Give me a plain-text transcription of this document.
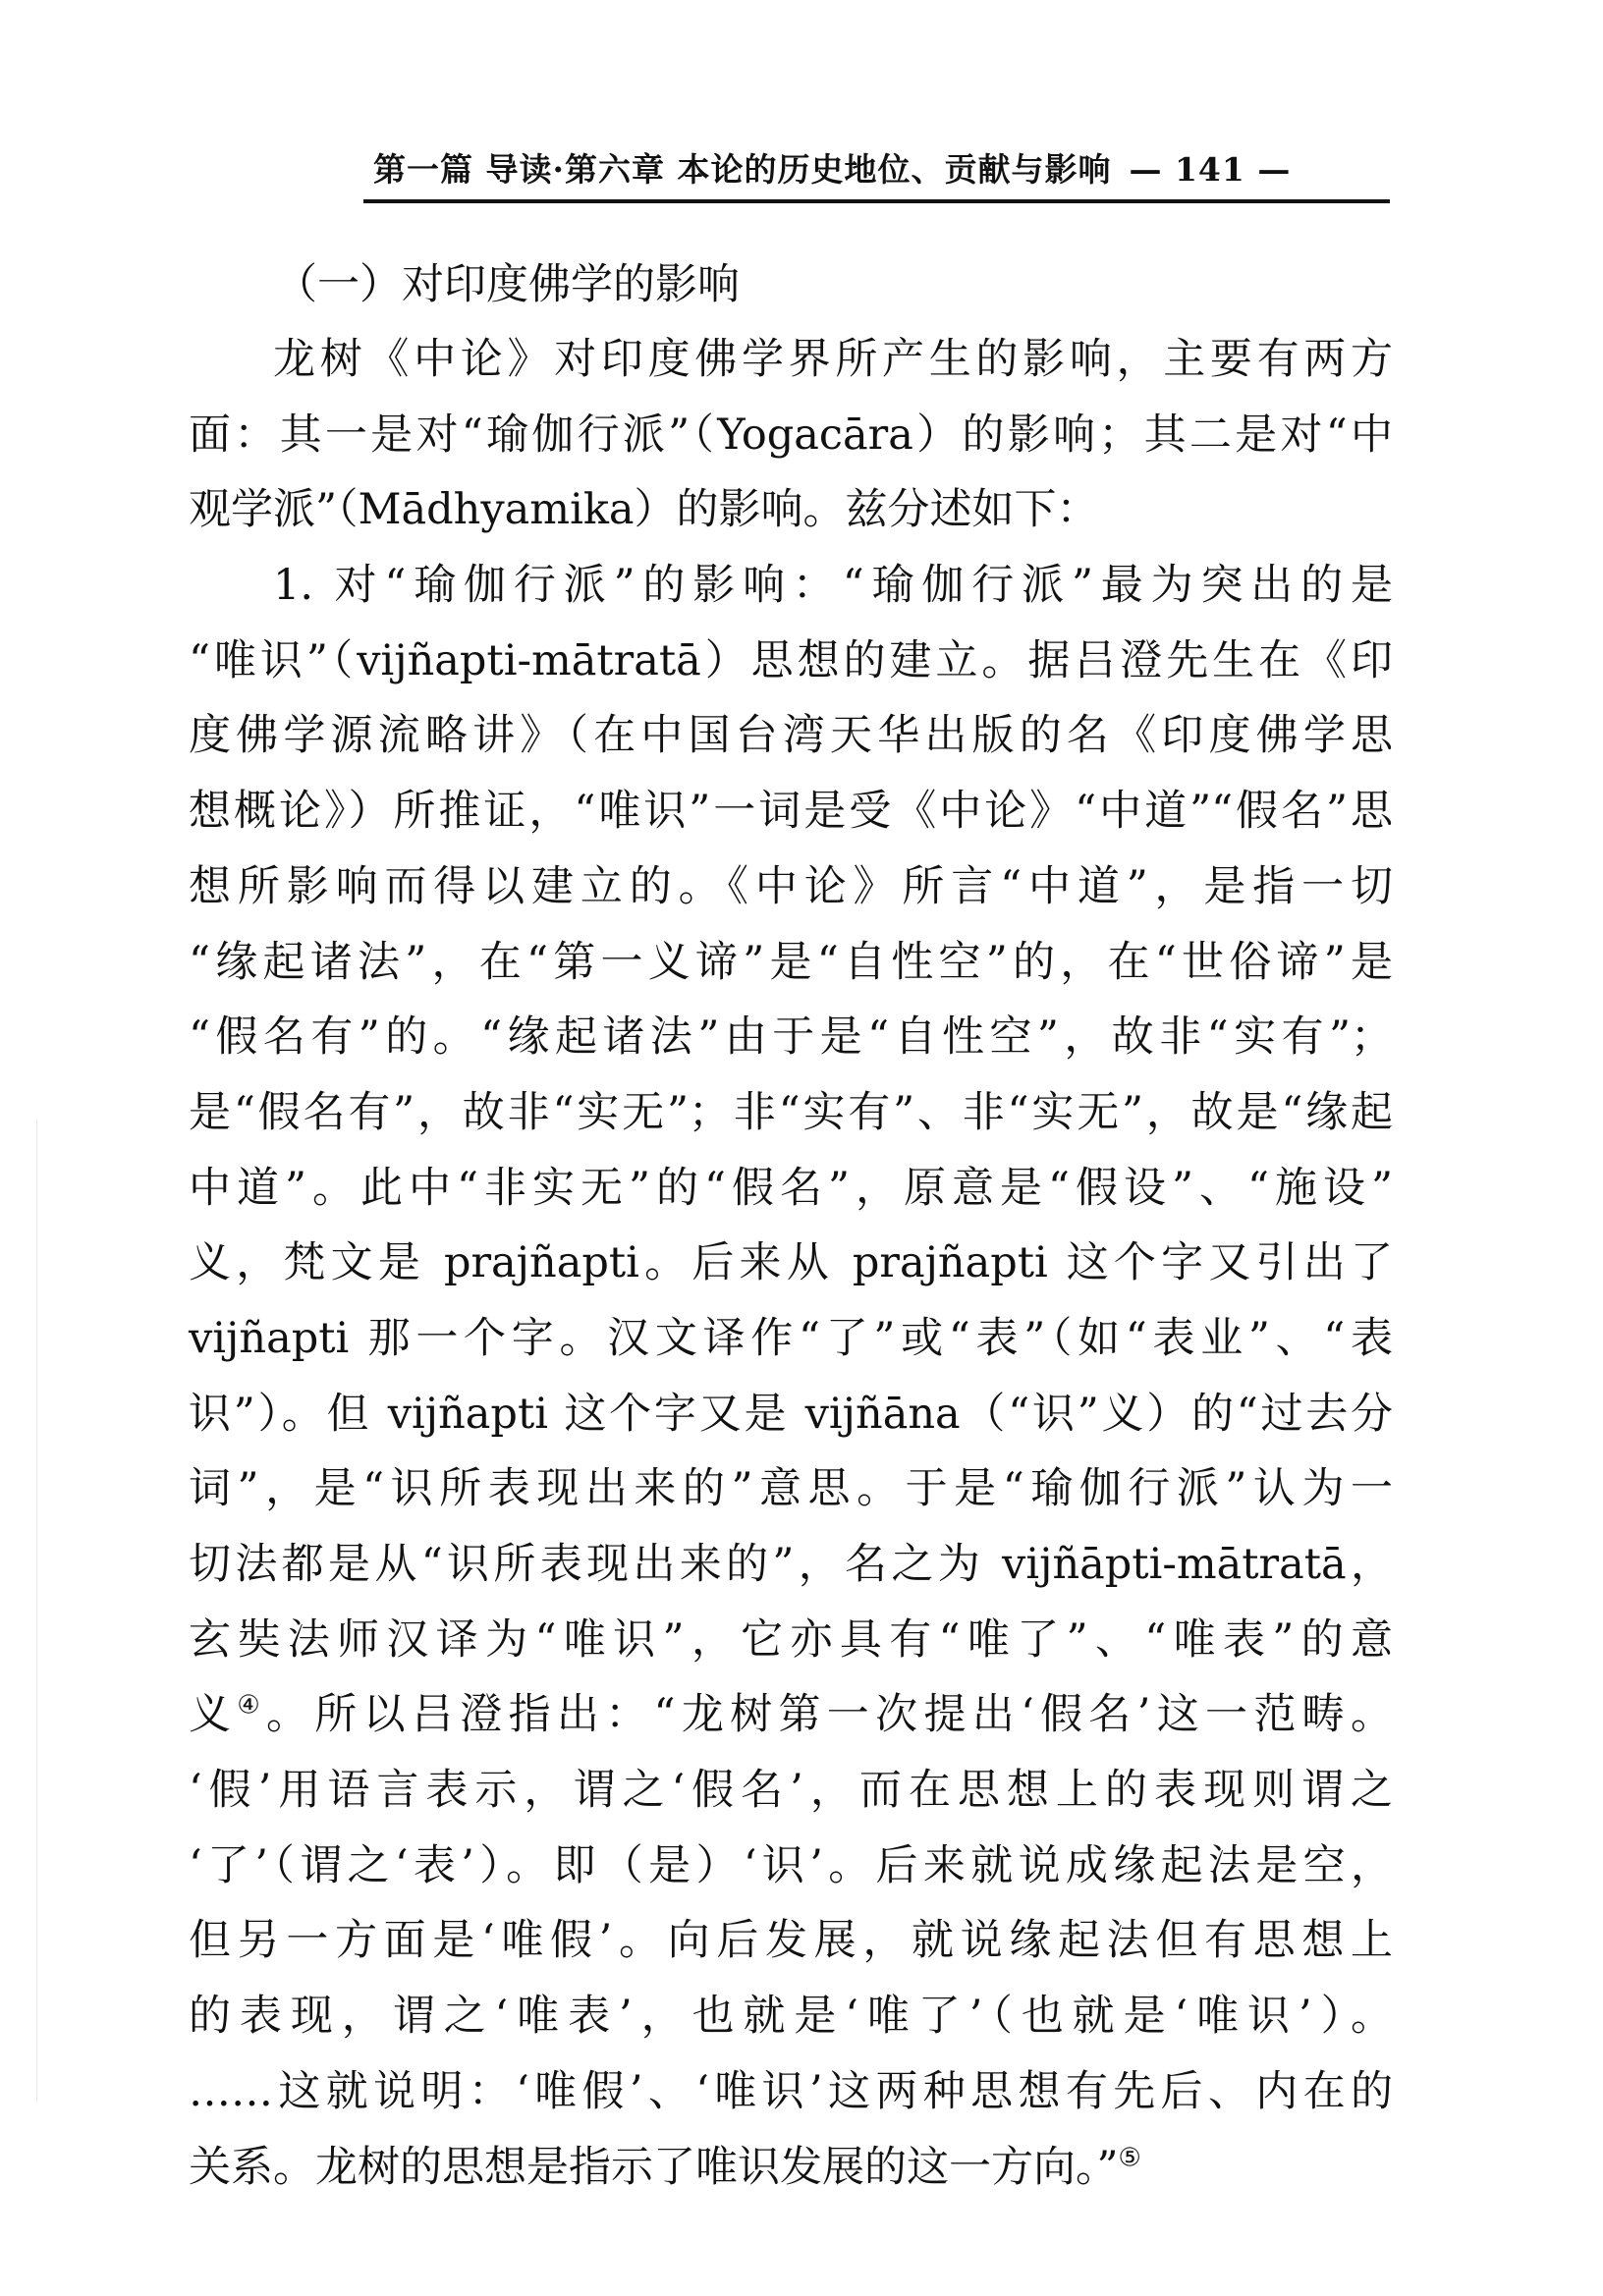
第一篇 导读·第六章 本论的历史地位、贡献与影响 — 141 —
（一）对印度佛学的影响
龙树《中论》对印度佛学界所产生的影响，主要有两方
面：其一是对“瑜伽行派”（Yogacāra）的影响；其二是对“中
观学派”（Mādhyamika）的影响。兹分述如下：
1. 对“瑜伽行派”的影响：“瑜伽行派”最为突出的是
“唯识”（vijñapti-mātratā）思想的建立。据吕澄先生在《印
度佛学源流略讲》（在中国台湾天华出版的名《印度佛学思
想概论》）所推证，“唯识”一词是受《中论》“中道”“假名”思
想所影响而得以建立的。《中论》所言“中道”，是指一切
“缘起诸法”，在“第一义谛”是“自性空”的，在“世俗谛”是
“假名有”的。“缘起诸法”由于是“自性空”，故非“实有”；
是“假名有”，故非“实无”；非“实有”、非“实无”，故是“缘起
中道”。此中“非实无”的“假名”，原意是“假设”、“施设”
义，梵文是 prajñapti。后来从 prajñapti 这个字又引出了
vijñapti 那一个字。汉文译作“了”或“表”（如“表业”、“表
识”）。但 vijñapti 这个字又是 vijñāna（“识”义）的“过去分
词”，是“识所表现出来的”意思。于是“瑜伽行派”认为一
切法都是从“识所表现出来的”，名之为 vijñāpti-mātratā，
玄奘法师汉译为“唯识”，它亦具有“唯了”、“唯表”的意
义④。所以吕澄指出：“龙树第一次提出‘假名’这一范畴。
‘假’用语言表示，谓之‘假名’，而在思想上的表现则谓之
‘了’（谓之‘表’）。即（是）‘识’。后来就说成缘起法是空，
但另一方面是‘唯假’。向后发展，就说缘起法但有思想上
的表现，谓之‘唯表’，也就是‘唯了’（也就是‘唯识’）。
……这就说明：‘唯假’、‘唯识’这两种思想有先后、内在的
关系。龙树的思想是指示了唯识发展的这一方向。”⑤
